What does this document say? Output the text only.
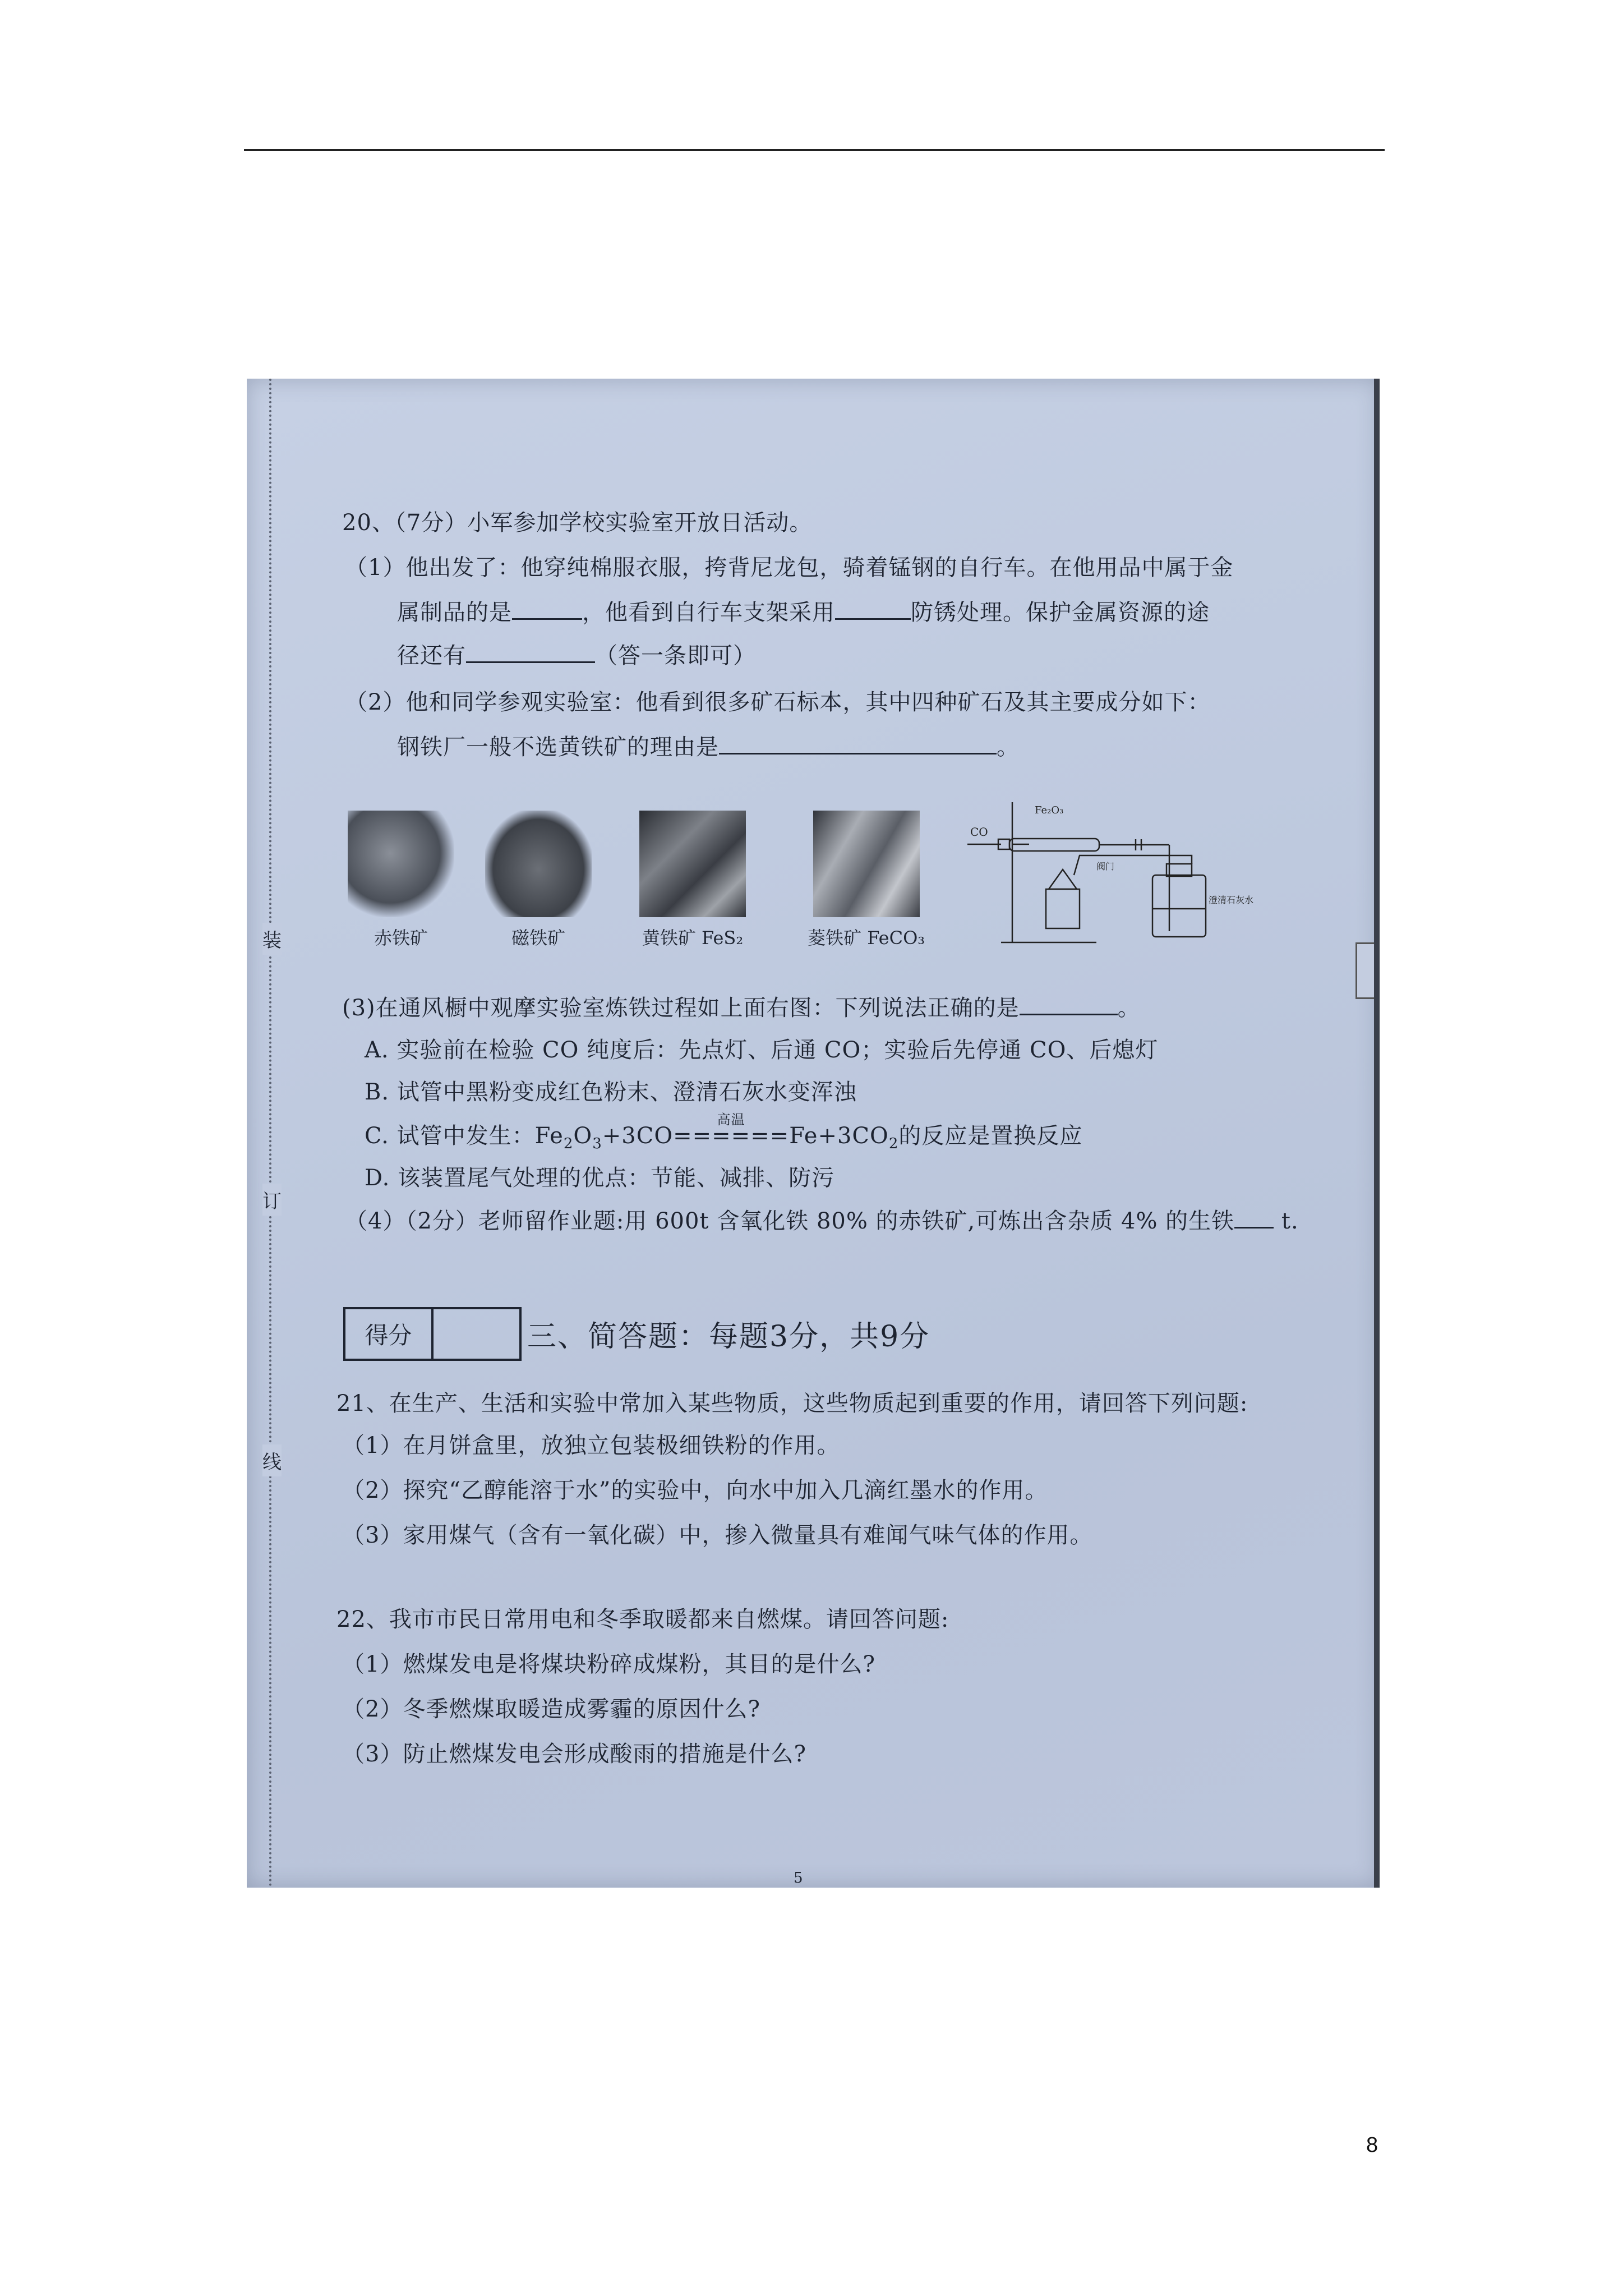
装
订
线
20、（7分）小军参加学校实验室开放日活动。
（1）他出发了：他穿纯棉服衣服，挎背尼龙包，骑着锰钢的自行车。在他用品中属于金
属制品的是	，他看到自行车支架采用	防锈处理。保护金属资源的途
径还有	（答一条即可）
（2）他和同学参观实验室：他看到很多矿石标本，其中四种矿石及其主要成分如下：
钢铁厂一般不选黄铁矿的理由是	。
赤铁矿	磁铁矿	黄铁矿 FeS₂	菱铁矿 FeCO₃
CO
Fe₂O₃
阀门
澄清石灰水
(3)在通风橱中观摩实验室炼铁过程如上面右图：下列说法正确的是	。
A. 实验前在检验 CO 纯度后：先点灯、后通 CO；实验后先停通 CO、后熄灯
B. 试管中黑粉变成红色粉末、澄清石灰水变浑浊
C. 试管中发生：$Fe_2O_3+3CO$
高温
$======Fe+3CO_2$的反应是置换反应
D. 该装置尾气处理的优点：节能、减排、防污
（4）（2分）老师留作业题:用 600t 含氧化铁 80% 的赤铁矿,可炼出含杂质 4% 的生铁 t.
得分	三、简答题：每题3分，共9分
21、在生产、生活和实验中常加入某些物质，这些物质起到重要的作用，请回答下列问题:
（1）在月饼盒里，放独立包装极细铁粉的作用。
（2）探究“乙醇能溶于水”的实验中，向水中加入几滴红墨水的作用。
（3）家用煤气（含有一氧化碳）中，掺入微量具有难闻气味气体的作用。
22、我市市民日常用电和冬季取暖都来自燃煤。请回答问题:
（1）燃煤发电是将煤块粉碎成煤粉，其目的是什么?
（2）冬季燃煤取暖造成雾霾的原因什么?
（3）防止燃煤发电会形成酸雨的措施是什么?
5
8
